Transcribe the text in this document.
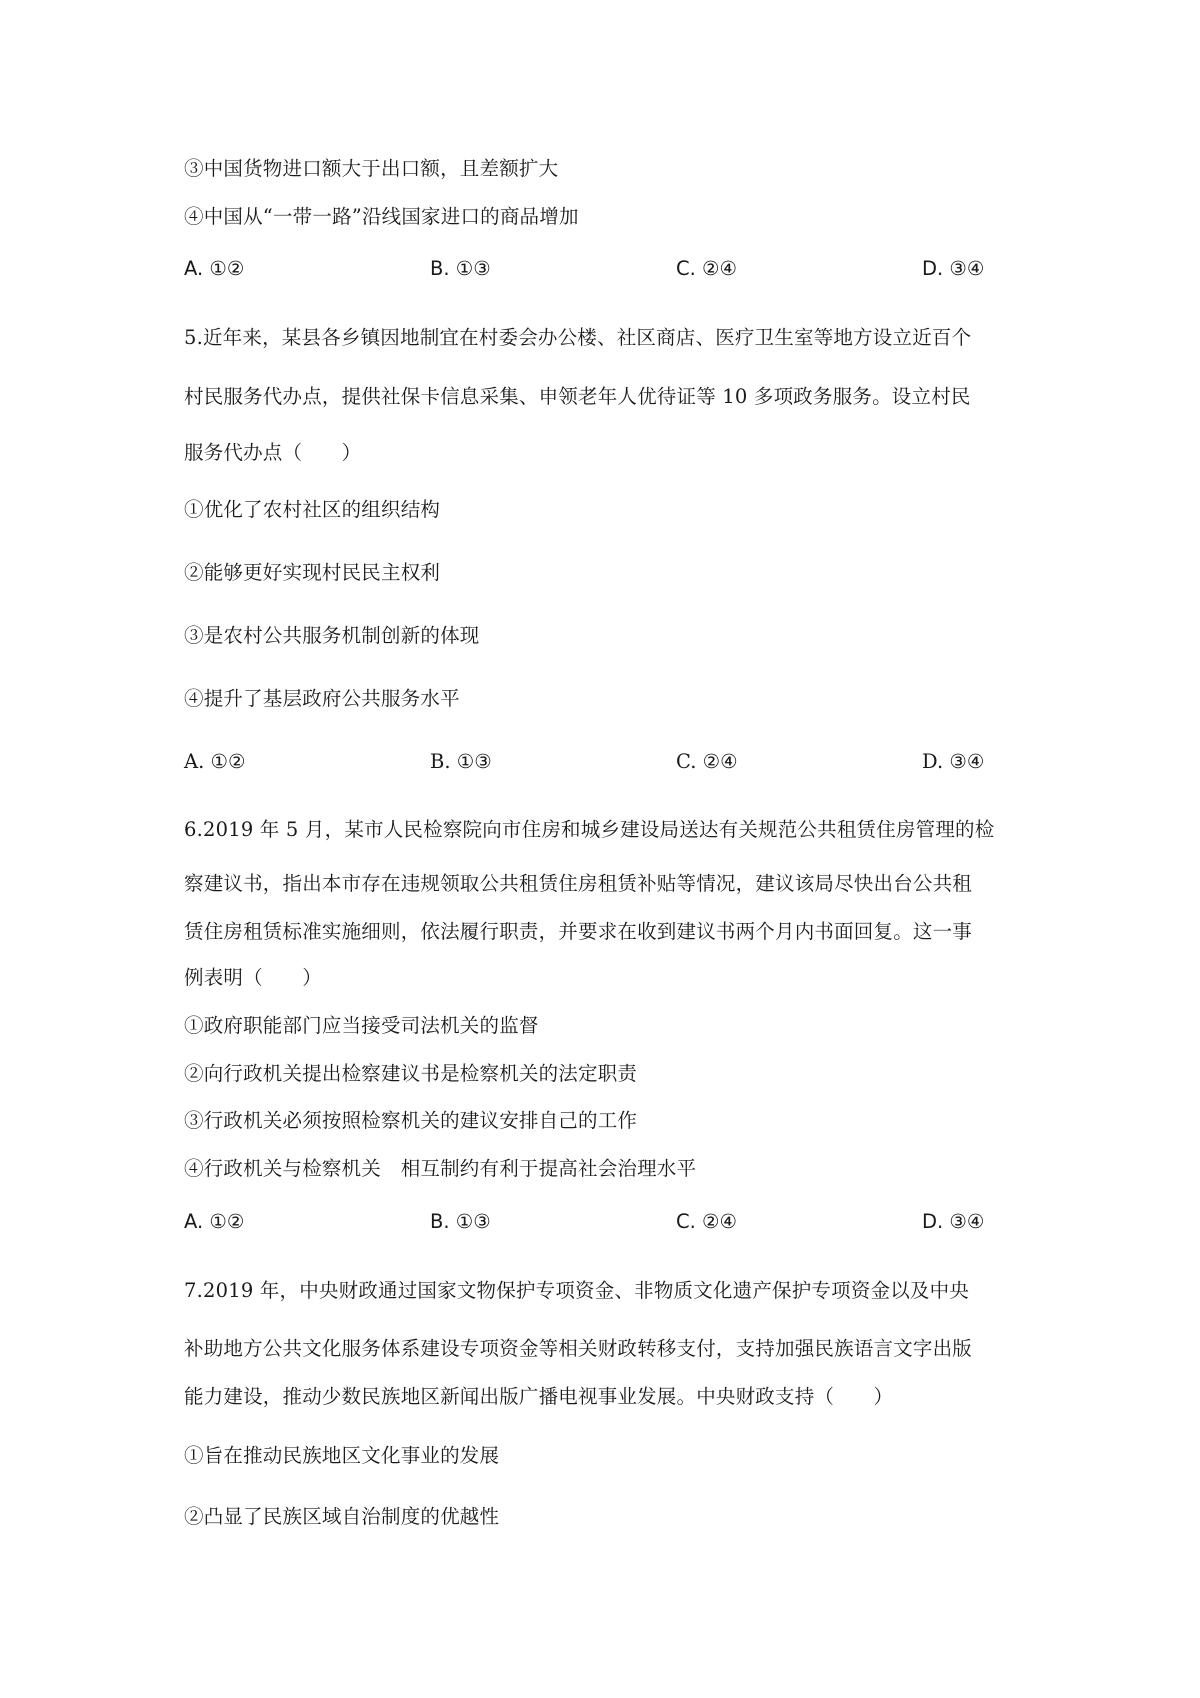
③中国货物进口额大于出口额，且差额扩大
④中国从“一带一路”沿线国家进口的商品增加
A. ①②	B. ①③	C. ②④	D. ③④
5.近年来，某县各乡镇因地制宜在村委会办公楼、社区商店、医疗卫生室等地方设立近百个
村民服务代办点，提供社保卡信息采集、申领老年人优待证等 10 多项政务服务。设立村民
服务代办点（　　）
①优化了农村社区的组织结构
②能够更好实现村民民主权利
③是农村公共服务机制创新的体现
④提升了基层政府公共服务水平
A. ①②	B. ①③	C. ②④	D. ③④
6.2019 年 5 月，某市人民检察院向市住房和城乡建设局送达有关规范公共租赁住房管理的检
察建议书，指出本市存在违规领取公共租赁住房租赁补贴等情况，建议该局尽快出台公共租
赁住房租赁标准实施细则，依法履行职责，并要求在收到建议书两个月内书面回复。这一事
例表明（　　）
①政府职能部门应当接受司法机关的监督
②向行政机关提出检察建议书是检察机关的法定职责
③行政机关必须按照检察机关的建议安排自己的工作
④行政机关与检察机关　相互制约有利于提高社会治理水平
A. ①②	B. ①③	C. ②④	D. ③④
7.2019 年，中央财政通过国家文物保护专项资金、非物质文化遗产保护专项资金以及中央
补助地方公共文化服务体系建设专项资金等相关财政转移支付，支持加强民族语言文字出版
能力建设，推动少数民族地区新闻出版广播电视事业发展。中央财政支持（　　）
①旨在推动民族地区文化事业的发展
②凸显了民族区域自治制度的优越性
